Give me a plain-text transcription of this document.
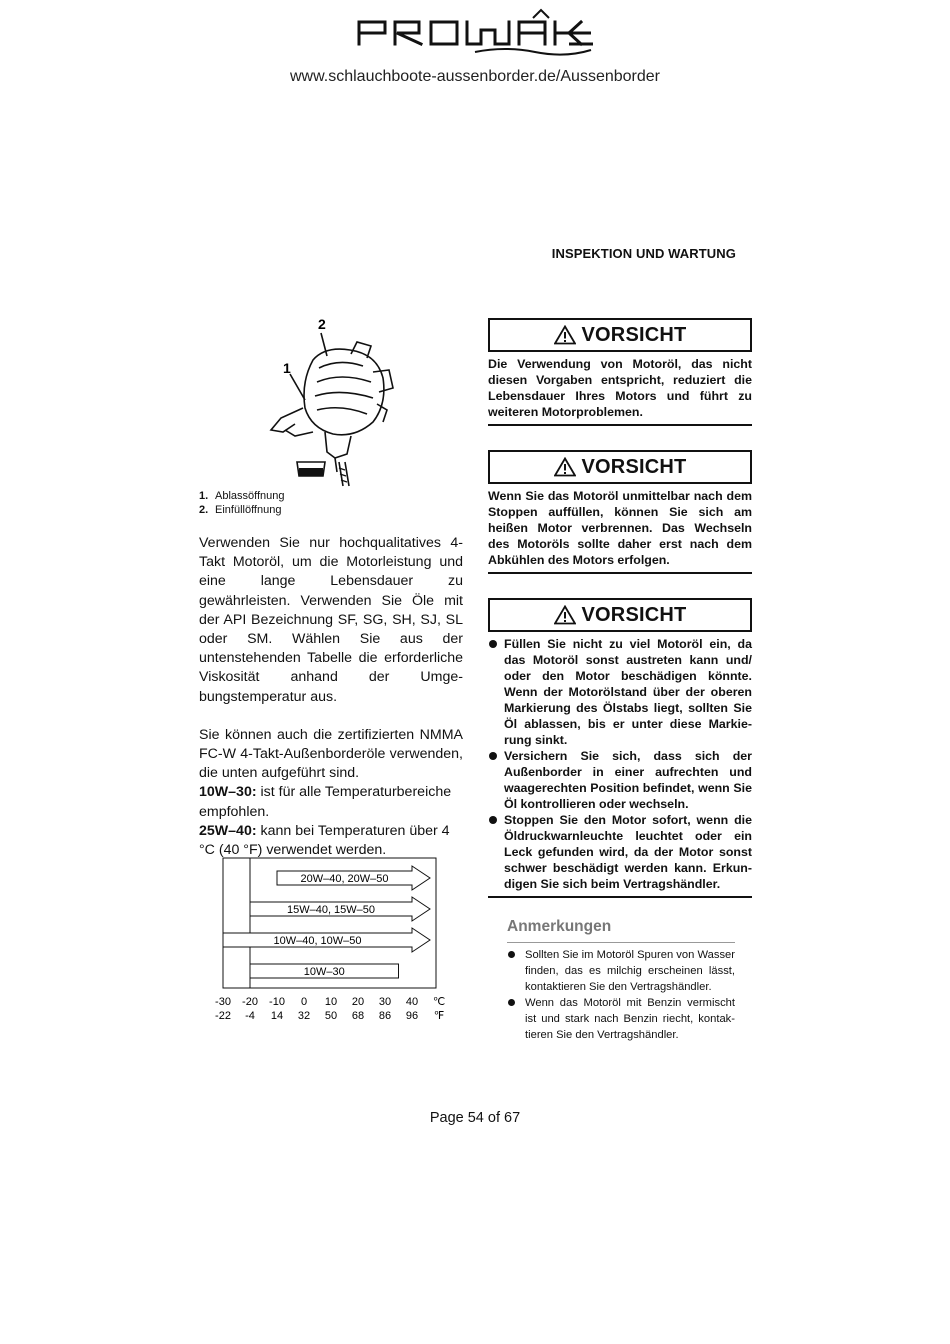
www.schlauchboote-aussenborder.de/Aussenborder
INSPEKTION UND WARTUNG
2
1
1. Ablassöffnung
2. Einfüllöffnung

Verwenden Sie nur hochqualitatives 4-Takt Motoröl, um die Motorleistung und eine lange Lebensdauer zu gewährleisten. Verwenden Sie Öle mit der API Bezeichnung SF, SG, SH, SJ, SL oder SM. Wählen Sie aus der untenstehenden Tabelle die erforderliche Viskosität anhand der Umgebungstemperatur aus.

Sie können auch die zertifizierten NMMA FC-W 4-Takt-Außenborderöle verwenden, die unten aufgeführt sind.

10W–30: ist für alle Temperaturbereiche empfohlen.

25W–40: kann bei Temperaturen über 4 °C (40 °F) verwendet werden.

20W–40, 20W–50
15W–40, 15W–50
10W–40, 10W–50
10W–30
-30 -20 -10 0 10 20 30 40
-22 -4 14 32 50 68 86 96
℃
℉
VORSICHT
Die Verwendung von Motoröl, das nicht diesen Vorgaben entspricht, reduziert die Lebensdauer Ihres Motors und führt zu weiteren Motorproblemen.
VORSICHT
Wenn Sie das Motoröl unmittelbar nach dem Stoppen auffüllen, können Sie sich am heißen Motor verbrennen. Das Wechseln des Motoröls sollte daher erst nach dem Abkühlen des Motors erfolgen.
VORSICHT
Füllen Sie nicht zu viel Motoröl ein, da das Motoröl sonst austreten kann und/ oder den Motor beschädigen könnte. Wenn der Motorölstand über der oberen Markierung des Ölstabs liegt, sollten Sie Öl ablassen, bis er unter diese Markierung sinkt.
Versichern Sie sich, dass sich der Außenborder in einer aufrechten und waagerechten Position befindet, wenn Sie Öl kontrollieren oder wechseln.
Stoppen Sie den Motor sofort, wenn die Öldruckwarnleuchte leuchtet oder ein Leck gefunden wird, da der Motor sonst schwer beschädigt werden kann. Erkundigen Sie sich beim Vertragshändler.
Anmerkungen
Sollten Sie im Motoröl Spuren von Wasser finden, das es milchig erscheinen lässt, kontaktieren Sie den Vertragshändler.
Wenn das Motoröl mit Benzin vermischt ist und stark nach Benzin riecht, kontaktieren Sie den Vertragshändler.
Page 54 of 67
